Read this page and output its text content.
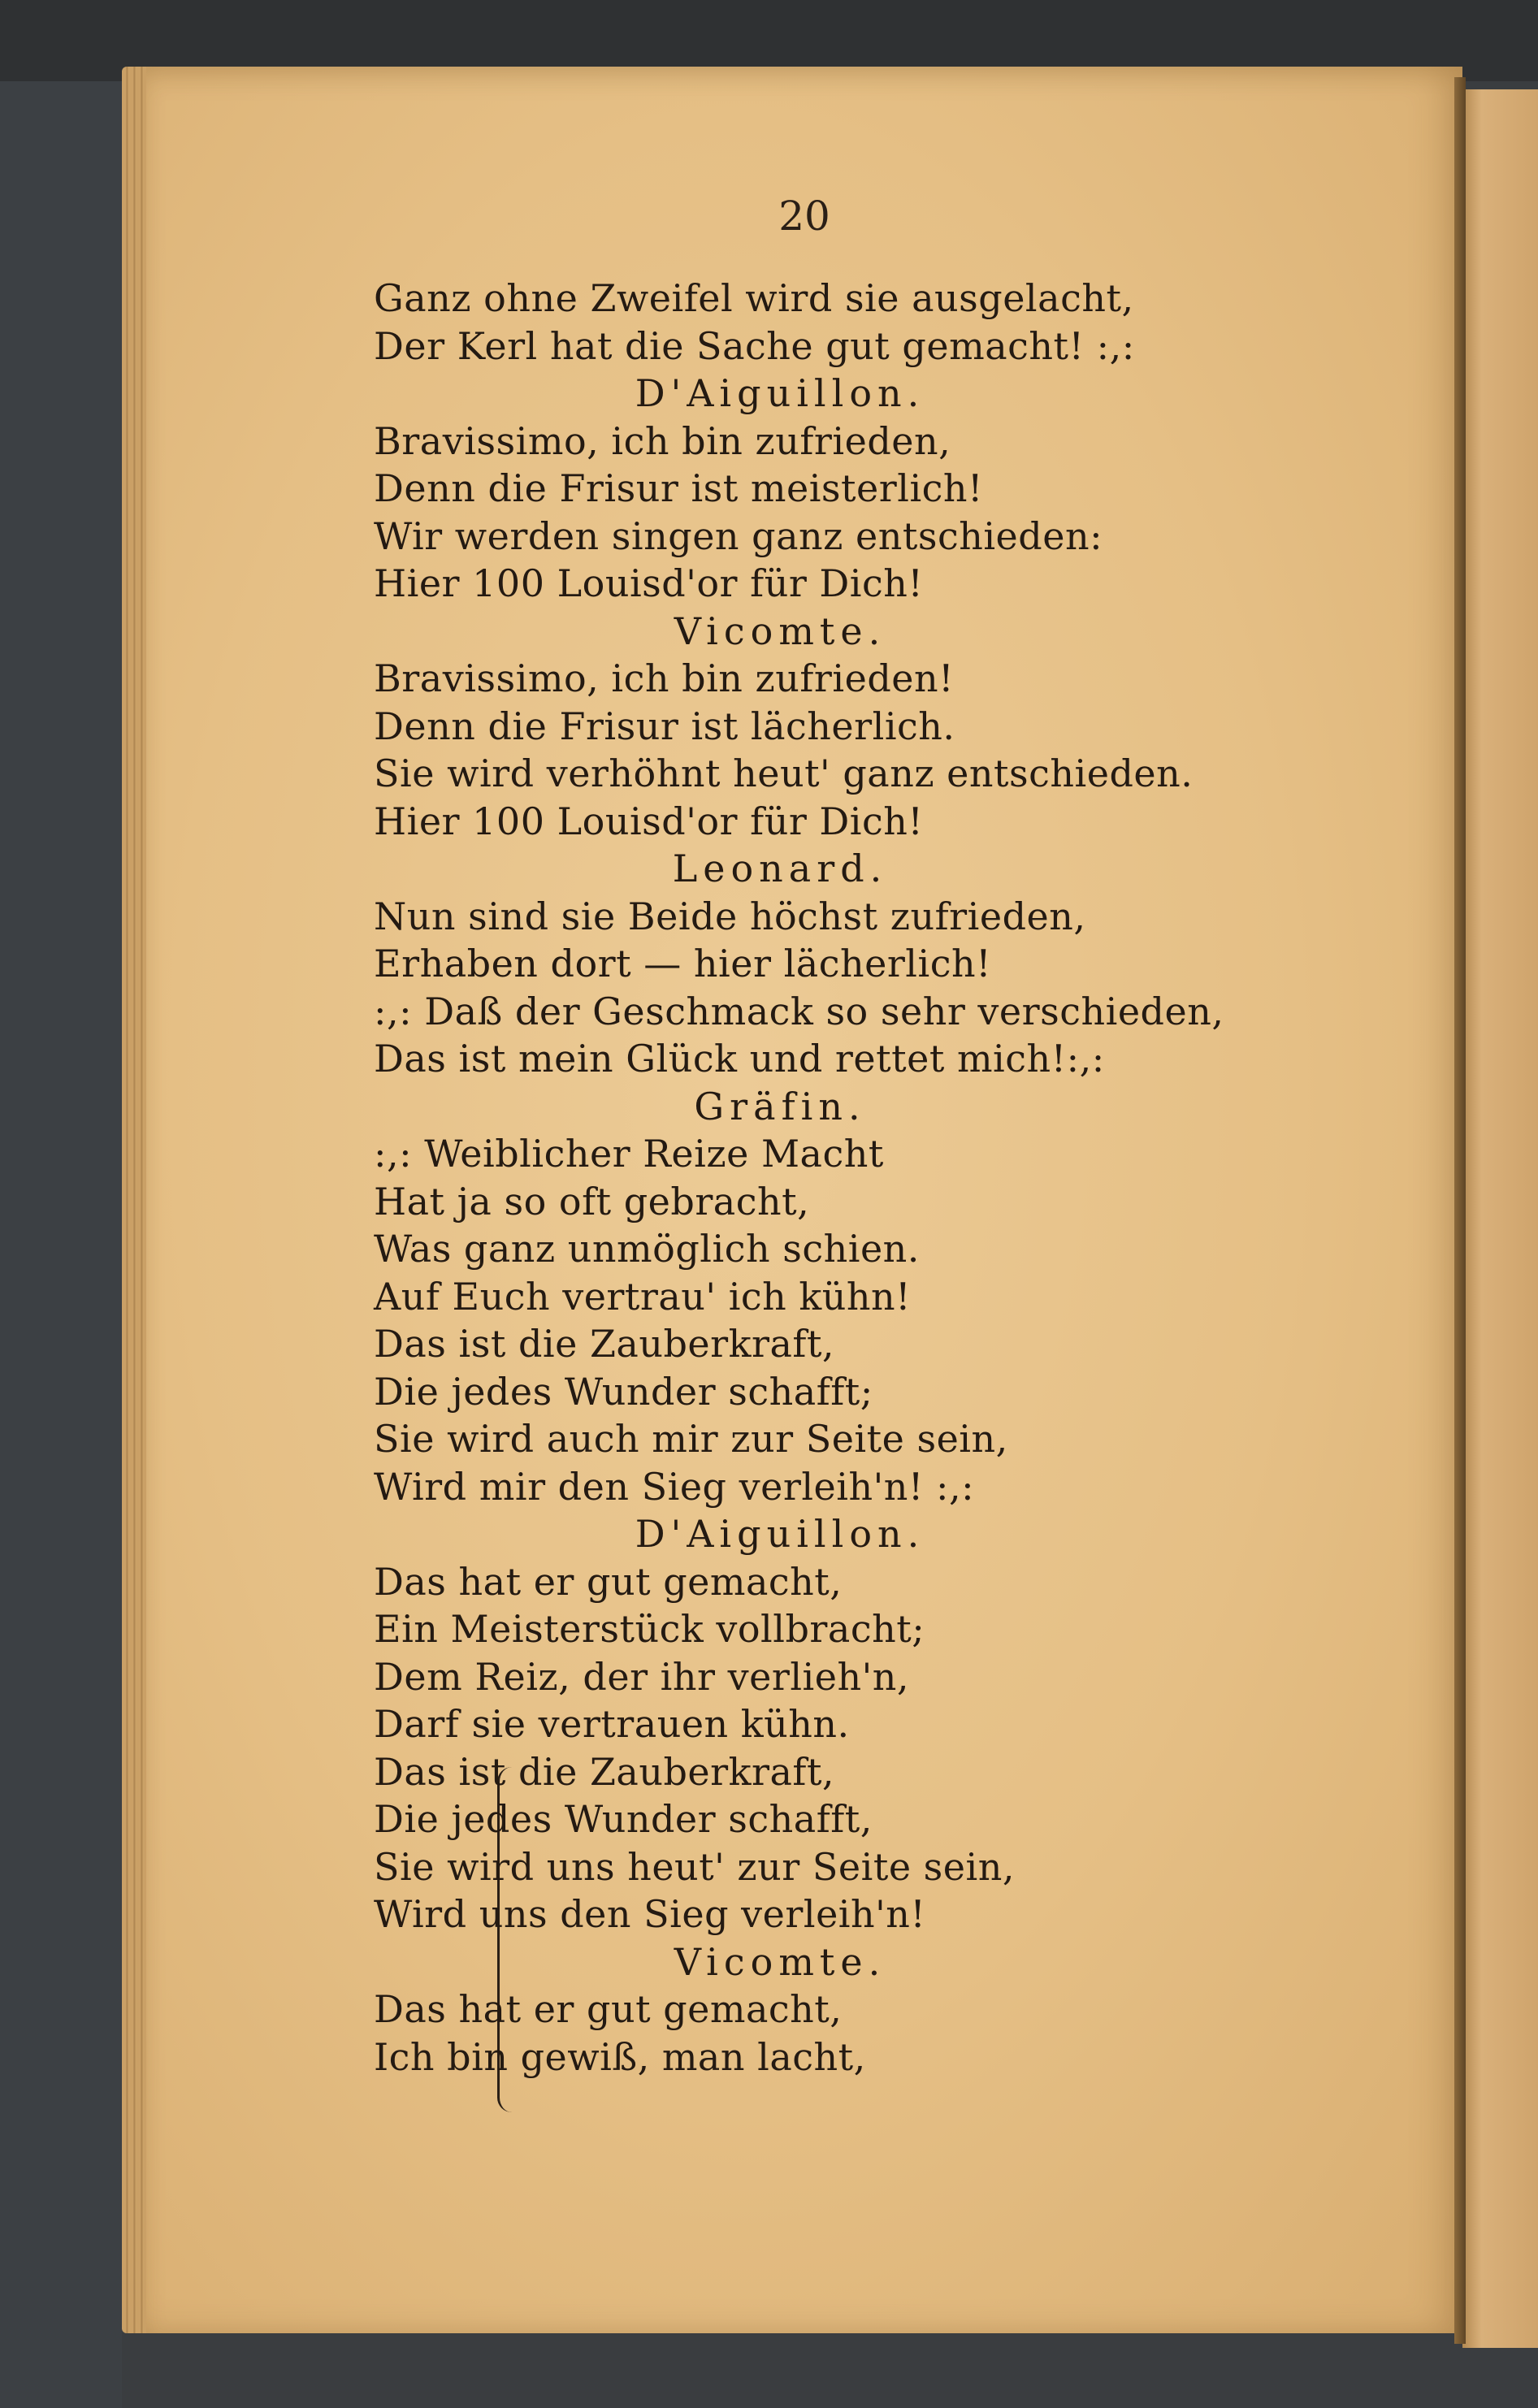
20
Ganz ohne Zweifel wird sie ausgelacht,
Der Kerl hat die Sache gut gemacht! :,:
D'Aiguillon.
Bravissimo, ich bin zufrieden,
Denn die Frisur ist meisterlich!
Wir werden singen ganz entschieden:
Hier 100 Louisd'or für Dich!
Vicomte.
Bravissimo, ich bin zufrieden!
Denn die Frisur ist lächerlich.
Sie wird verhöhnt heut' ganz entschieden.
Hier 100 Louisd'or für Dich!
Leonard.
Nun sind sie Beide höchst zufrieden,
Erhaben dort — hier lächerlich!
:,: Daß der Geschmack so sehr verschieden,
Das ist mein Glück und rettet mich!:,:
Gräfin.
:,: Weiblicher Reize Macht
Hat ja so oft gebracht,
Was ganz unmöglich schien.
Auf Euch vertrau' ich kühn!
Das ist die Zauberkraft,
Die jedes Wunder schafft;
Sie wird auch mir zur Seite sein,
Wird mir den Sieg verleih'n! :,:
D'Aiguillon.
Das hat er gut gemacht,
Ein Meisterstück vollbracht;
Dem Reiz, der ihr verlieh'n,
Darf sie vertrauen kühn.
Das ist die Zauberkraft,
Die jedes Wunder schafft,
Sie wird uns heut' zur Seite sein,
Wird uns den Sieg verleih'n!
Vicomte.
Das hat er gut gemacht,
Ich bin gewiß, man lacht,
